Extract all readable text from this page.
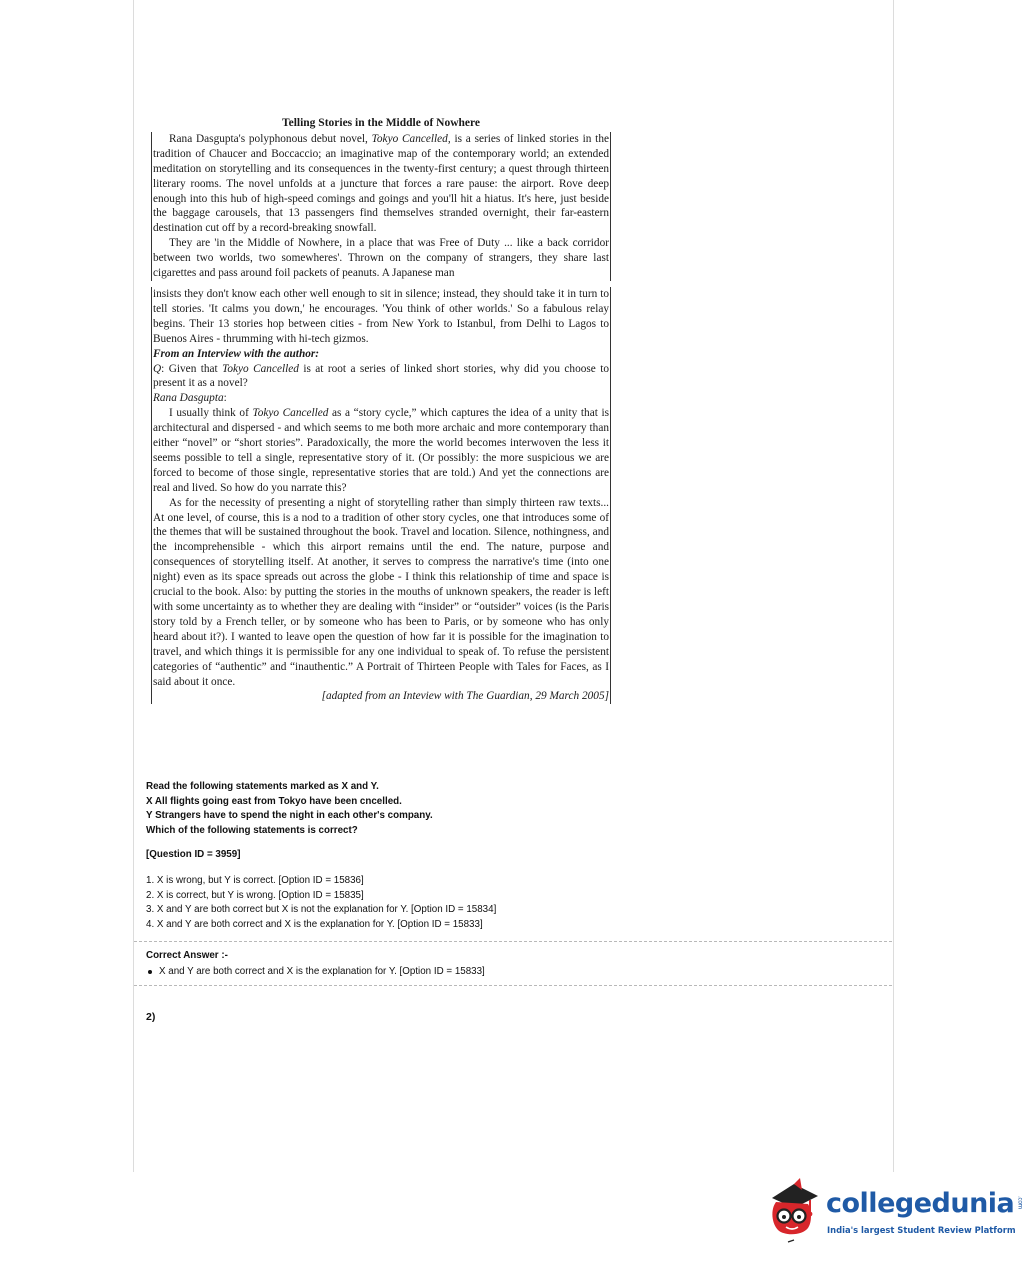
Telling Stories in the Middle of Nowhere

Rana Dasgupta's polyphonous debut novel, Tokyo Cancelled, is a series of linked stories in the tradition of Chaucer and Boccaccio; an imaginative map of the contemporary world; an extended meditation on storytelling and its consequences in the twenty-first century; a quest through thirteen literary rooms. The novel unfolds at a juncture that forces a rare pause: the airport. Rove deep enough into this hub of high-speed comings and goings and you'll hit a hiatus. It's here, just beside the baggage carousels, that 13 passengers find themselves stranded overnight, their far-eastern destination cut off by a record-breaking snowfall.

They are 'in the Middle of Nowhere, in a place that was Free of Duty ... like a back corridor between two worlds, two somewheres'. Thrown on the company of strangers, they share last cigarettes and pass around foil packets of peanuts. A Japanese man

insists they don't know each other well enough to sit in silence; instead, they should take it in turn to tell stories. 'It calms you down,' he encourages. 'You think of other worlds.' So a fabulous relay begins. Their 13 stories hop between cities - from New York to Istanbul, from Delhi to Lagos to Buenos Aires - thrumming with hi-tech gizmos.

From an Interview with the author:

Q: Given that Tokyo Cancelled is at root a series of linked short stories, why did you choose to present it as a novel?

Rana Dasgupta:

I usually think of Tokyo Cancelled as a “story cycle,” which captures the idea of a unity that is architectural and dispersed - and which seems to me both more archaic and more contemporary than either “novel” or “short stories”. Paradoxically, the more the world becomes interwoven the less it seems possible to tell a single, representative story of it. (Or possibly: the more suspicious we are forced to become of those single, representative stories that are told.) And yet the connections are real and lived. So how do you narrate this?

As for the necessity of presenting a night of storytelling rather than simply thirteen raw texts... At one level, of course, this is a nod to a tradition of other story cycles, one that introduces some of the themes that will be sustained throughout the book. Travel and location. Silence, nothingness, and the incomprehensible - which this airport remains until the end. The nature, purpose and consequences of storytelling itself. At another, it serves to compress the narrative's time (into one night) even as its space spreads out across the globe - I think this relationship of time and space is crucial to the book. Also: by putting the stories in the mouths of unknown speakers, the reader is left with some uncertainty as to whether they are dealing with “insider” or “outsider” voices (is the Paris story told by a French teller, or by someone who has been to Paris, or by someone who has only heard about it?). I wanted to leave open the question of how far it is possible for the imagination to travel, and which things it is permissible for any one individual to speak of. To refuse the persistent categories of “authentic” and “inauthentic.” A Portrait of Thirteen People with Tales for Faces, as I said about it once.

[adapted from an Inteview with The Guardian, 29 March 2005]

Read the following statements marked as X and Y.

X All flights going east from Tokyo have been cncelled.

Y Strangers have to spend the night in each other's company.

Which of the following statements is correct?

[Question ID = 3959]

1. X is wrong, but Y is correct. [Option ID = 15836]

2. X is correct, but Y is wrong. [Option ID = 15835]

3. X and Y are both correct but X is not the explanation for Y. [Option ID = 15834]

4. X and Y are both correct and X is the explanation for Y. [Option ID = 15833]

Correct Answer :-

X and Y are both correct and X is the explanation for Y. [Option ID = 15833]

2)
collegedunia .com
India's largest Student Review Platform
